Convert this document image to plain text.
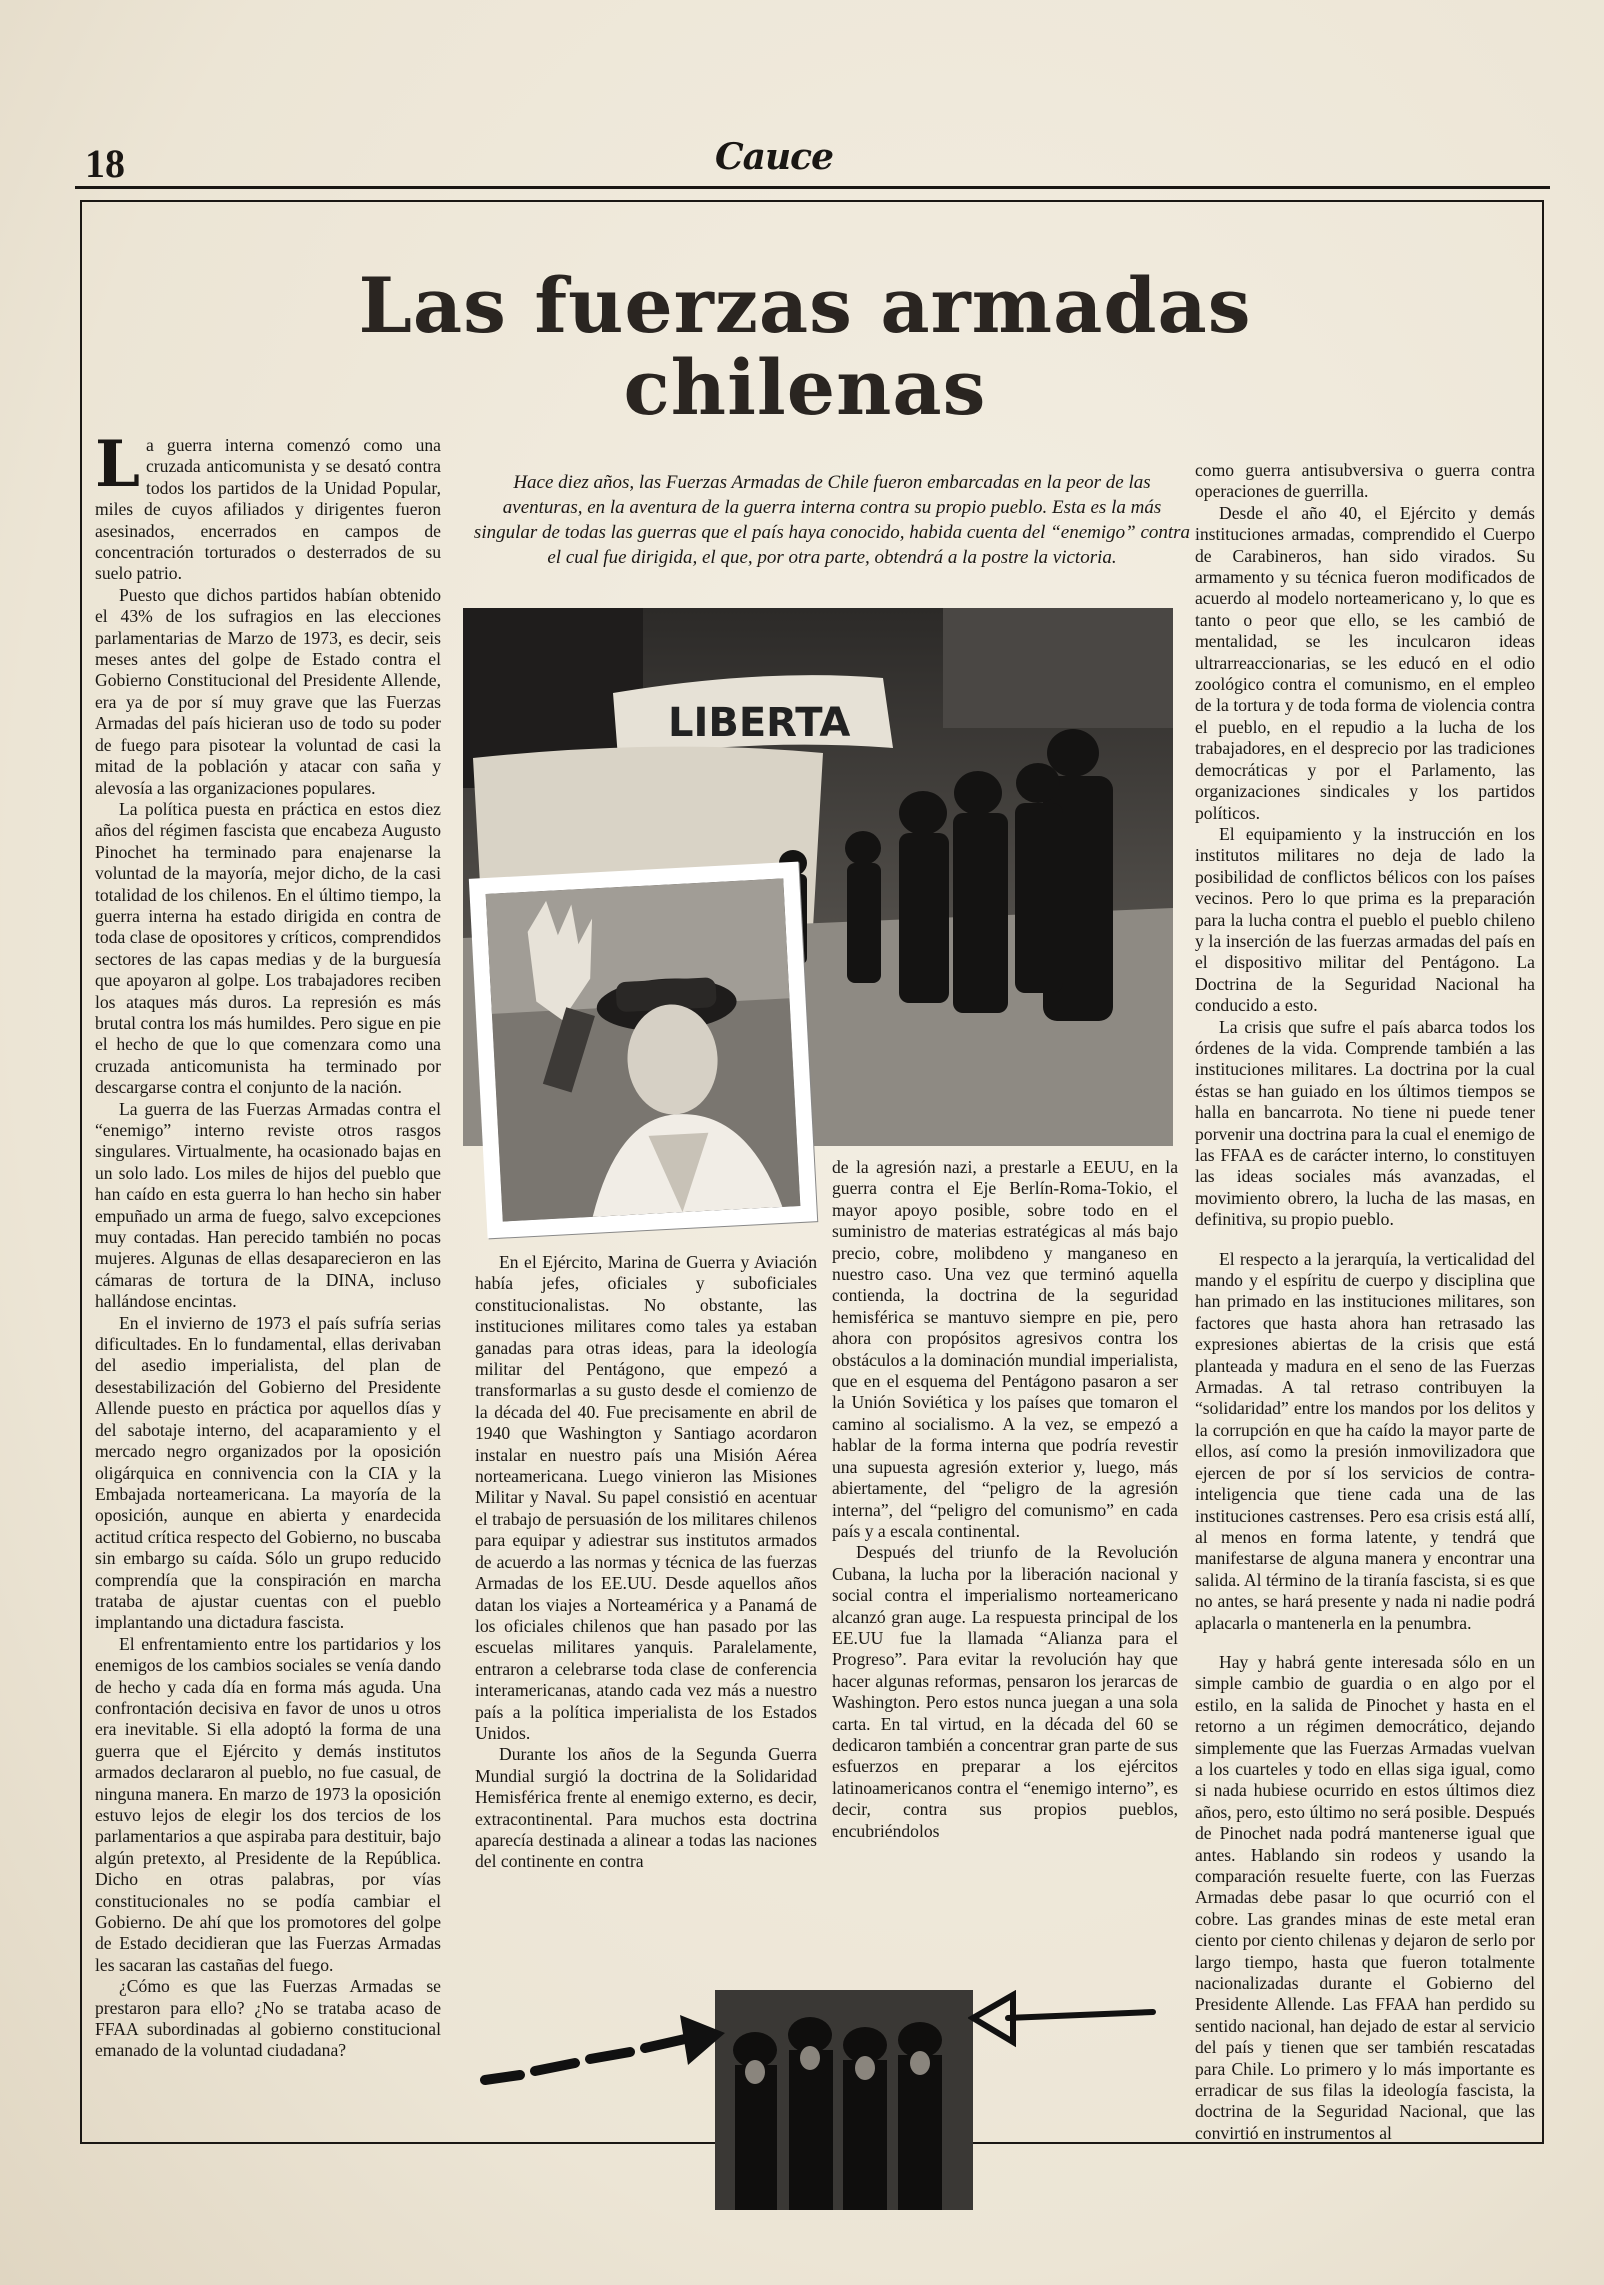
18	Cauce
Las fuerzas armadas
chilenas
Hace diez años, las Fuerzas Armadas de Chile fueron embarcadas en la peor de las aventuras, en la aventura de la guerra interna contra su propio pueblo. Esta es la más singular de todas las guerras que el país haya conocido, habida cuenta del “enemigo” contra el cual fue dirigida, el que, por otra parte, obtendrá a la postre la victoria.
LIBERTA

La guerra interna comenzó como una cruzada anticomunista y se desató contra todos los partidos de la Unidad Popular, miles de cuyos afiliados y dirigentes fueron asesinados, encerrados en campos de concentración torturados o desterrados de su suelo patrio.

Puesto que dichos partidos habían obtenido el 43% de los sufragios en las elecciones parlamentarias de Marzo de 1973, es decir, seis meses antes del golpe de Estado contra el Gobierno Constitucional del Presidente Allende, era ya de por sí muy grave que las Fuerzas Armadas del país hicieran uso de todo su poder de fuego para pisotear la voluntad de casi la mitad de la población y atacar con saña y alevosía a las organizaciones populares.

La política puesta en práctica en estos diez años del régimen fascista que encabeza Augusto Pinochet ha terminado para enajenarse la voluntad de la mayoría, mejor dicho, de la casi totalidad de los chilenos. En el último tiempo, la guerra interna ha estado dirigida en contra de toda clase de opositores y críticos, comprendidos sectores de las capas medias y de la burguesía que apoyaron al golpe. Los trabajadores reciben los ataques más duros. La represión es más brutal contra los más humildes. Pero sigue en pie el hecho de que lo que comenzara como una cruzada anticomunista ha terminado por descargarse contra el conjunto de la nación.

La guerra de las Fuerzas Armadas contra el “enemigo” interno reviste otros rasgos singulares. Virtualmente, ha ocasionado bajas en un solo lado. Los miles de hijos del pueblo que han caído en esta guerra lo han hecho sin haber empuñado un arma de fuego, salvo excepciones muy contadas. Han perecido también no pocas mujeres. Algunas de ellas desaparecieron en las cámaras de tortura de la DINA, incluso hallándose encintas.

En el invierno de 1973 el país sufría serias dificultades. En lo fundamental, ellas derivaban del asedio imperialista, del plan de desestabilización del Gobierno del Presidente Allende puesto en práctica por aquellos días y del sabotaje interno, del acaparamiento y el mercado negro organizados por la oposición oligárquica en connivencia con la CIA y la Embajada norteamericana. La mayoría de la oposición, aunque en abierta y enardecida actitud crítica respecto del Gobierno, no buscaba sin embargo su caída. Sólo un grupo reducido comprendía que la conspiración en marcha trataba de ajustar cuentas con el pueblo implantando una dictadura fascista.

El enfrentamiento entre los partidarios y los enemigos de los cambios sociales se venía dando de hecho y cada día en forma más aguda. Una confrontación decisiva en favor de unos u otros era inevitable. Si ella adoptó la forma de una guerra que el Ejército y demás institutos armados declararon al pueblo, no fue casual, de ninguna manera. En marzo de 1973 la oposición estuvo lejos de elegir los dos tercios de los parlamentarios a que aspiraba para destituir, bajo algún pretexto, al Presidente de la República. Dicho en otras palabras, por vías constitucionales no se podía cambiar el Gobierno. De ahí que los promotores del golpe de Estado decidieran que las Fuerzas Armadas les sacaran las castañas del fuego.

¿Cómo es que las Fuerzas Armadas se prestaron para ello? ¿No se trataba acaso de FFAA subordinadas al gobierno constitucional emanado de la voluntad ciudadana?

En el Ejército, Marina de Guerra y Aviación había jefes, oficiales y suboficiales constitucionalistas. No obstante, las instituciones militares como tales ya estaban ganadas para otras ideas, para la ideología militar del Pentágono, que empezó a transformarlas a su gusto desde el comienzo de la década del 40. Fue precisamente en abril de 1940 que Washington y Santiago acordaron instalar en nuestro país una Misión Aérea norteamericana. Luego vinieron las Misiones Militar y Naval. Su papel consistió en acentuar el trabajo de persuasión de los militares chilenos para equipar y adiestrar sus institutos armados de acuerdo a las normas y técnica de las fuerzas Armadas de los EE.UU. Desde aquellos años datan los viajes a Norteamérica y a Panamá de los oficiales chilenos que han pasado por las escuelas militares yanquis. Paralelamente, entraron a celebrarse toda clase de conferencia interamericanas, atando cada vez más a nuestro país a la política imperialista de los Estados Unidos.

Durante los años de la Segunda Guerra Mundial surgió la doctrina de la Solidaridad Hemisférica frente al enemigo externo, es decir, extracontinental. Para muchos esta doctrina aparecía destinada a alinear a todas las naciones del continente en contra

de la agresión nazi, a prestarle a EEUU, en la guerra contra el Eje Berlín-Roma-Tokio, el mayor apoyo posible, sobre todo en el suministro de materias estratégicas al más bajo precio, cobre, molibdeno y manganeso en nuestro caso. Una vez que terminó aquella contienda, la doctrina de la seguridad hemisférica se mantuvo siempre en pie, pero ahora con propósitos agresivos contra los obstáculos a la dominación mundial imperialista, que en el esquema del Pentágono pasaron a ser la Unión Soviética y los países que tomaron el camino al socialismo. A la vez, se empezó a hablar de la forma interna que podría revestir una supuesta agresión exterior y, luego, más abiertamente, del “peligro de la agresión interna”, del “peligro del comunismo” en cada país y a escala continental.

Después del triunfo de la Revolución Cubana, la lucha por la liberación nacional y social contra el imperialismo norteamericano alcanzó gran auge. La respuesta principal de los EE.UU fue la llamada “Alianza para el Progreso”. Para evitar la revolución hay que hacer algunas reformas, pensaron los jerarcas de Washington. Pero estos nunca juegan a una sola carta. En tal virtud, en la década del 60 se dedicaron también a concentrar gran parte de sus esfuerzos en preparar a los ejércitos latinoamericanos contra el “enemigo interno”, es decir, contra sus propios pueblos, encubriéndolos

como guerra antisubversiva o guerra contra operaciones de guerrilla.

Desde el año 40, el Ejército y demás instituciones armadas, comprendido el Cuerpo de Carabineros, han sido virados. Su armamento y su técnica fueron modificados de acuerdo al modelo norteamericano y, lo que es tanto o peor que ello, se les cambió de mentalidad, se les inculcaron ideas ultrarreaccionarias, se les educó en el odio zoológico contra el comunismo, en el empleo de la tortura y de toda forma de violencia contra el pueblo, en el repudio a la lucha de los trabajadores, en el desprecio por las tradiciones democráticas y por el Parlamento, las organizaciones sindicales y los partidos políticos.

El equipamiento y la instrucción en los institutos militares no deja de lado la posibilidad de conflictos bélicos con los países vecinos. Pero lo que prima es la preparación para la lucha contra el pueblo el pueblo chileno y la inserción de las fuerzas armadas del país en el dispositivo militar del Pentágono. La Doctrina de la Seguridad Nacional ha conducido a esto.

La crisis que sufre el país abarca todos los órdenes de la vida. Comprende también a las instituciones militares. La doctrina por la cual éstas se han guiado en los últimos tiempos se halla en bancarrota. No tiene ni puede tener porvenir una doctrina para la cual el enemigo de las FFAA es de carácter interno, lo constituyen las ideas sociales más avanzadas, el movimiento obrero, la lucha de las masas, en definitiva, su propio pueblo.

El respecto a la jerarquía, la verticalidad del mando y el espíritu de cuerpo y disciplina que han primado en las instituciones militares, son factores que hasta ahora han retrasado las expresiones abiertas de la crisis que está planteada y madura en el seno de las Fuerzas Armadas. A tal retraso contribuyen la “solidaridad” entre los mandos por los delitos y la corrupción en que ha caído la mayor parte de ellos, así como la presión inmovilizadora que ejercen de por sí los servicios de contra-inteligencia que tiene cada una de las instituciones castrenses. Pero esa crisis está allí, al menos en forma latente, y tendrá que manifestarse de alguna manera y encontrar una salida. Al término de la tiranía fascista, si es que no antes, se hará presente y nada ni nadie podrá aplacarla o mantenerla en la penumbra.

Hay y habrá gente interesada sólo en un simple cambio de guardia o en algo por el estilo, en la salida de Pinochet y hasta en el retorno a un régimen democrático, dejando simplemente que las Fuerzas Armadas vuelvan a los cuarteles y todo en ellas siga igual, como si nada hubiese ocurrido en estos últimos diez años, pero, esto último no será posible. Después de Pinochet nada podrá mantenerse igual que antes. Hablando sin rodeos y usando la comparación resuelte fuerte, con las Fuerzas Armadas debe pasar lo que ocurrió con el cobre. Las grandes minas de este metal eran ciento por ciento chilenas y dejaron de serlo por largo tiempo, hasta que fueron totalmente nacionalizadas durante el Gobierno del Presidente Allende. Las FFAA han perdido su sentido nacional, han dejado de estar al servicio del país y tienen que ser también rescatadas para Chile. Lo primero y lo más importante es erradicar de sus filas la ideología fascista, la doctrina de la Seguridad Nacional, que las convirtió en instrumentos al
